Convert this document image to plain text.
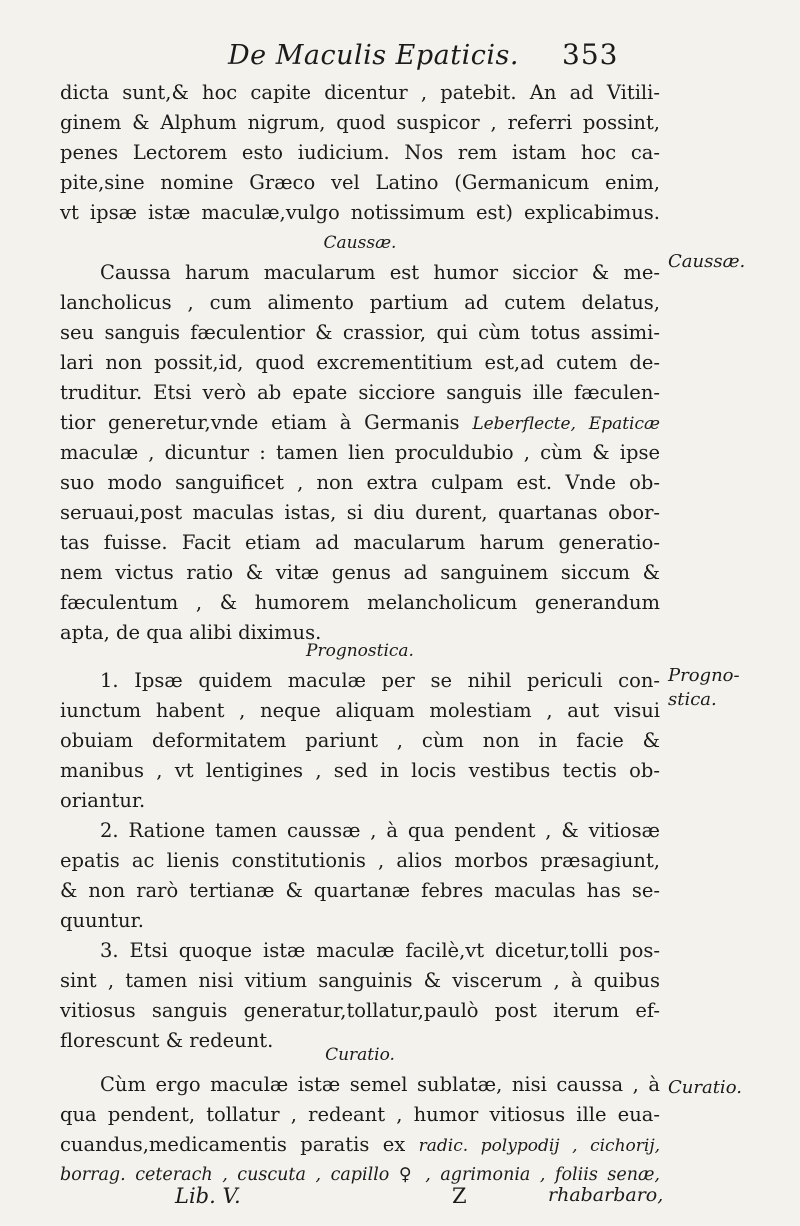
De Maculis Epaticis. 353
dicta sunt,& hoc capite dicentur , patebit. An ad Vitili-
ginem & Alphum nigrum, quod suspicor , referri possint,
penes Lectorem esto iudicium. Nos rem istam hoc ca-
pite,sine nomine Græco vel Latino (Germanicum enim,
vt ipsæ istæ maculæ,vulgo notissimum est) explicabimus.
Caussæ.
Caussa harum macularum est humor siccior & me-
lancholicus , cum alimento partium ad cutem delatus,
seu sanguis fæculentior & crassior, qui cùm totus assimi-
lari non possit,id, quod excrementitium est,ad cutem de-
truditur. Etsi verò ab epate sicciore sanguis ille fæculen-
tior generetur,vnde etiam à Germanis Leberflecte, Epaticæ
maculæ , dicuntur : tamen lien proculdubio , cùm & ipse
suo modo sanguificet , non extra culpam est. Vnde ob-
seruaui,post maculas istas, si diu durent, quartanas obor-
tas fuisse. Facit etiam ad macularum harum generatio-
nem victus ratio & vitæ genus ad sanguinem siccum &
fæculentum , & humorem melancholicum generandum
apta, de qua alibi diximus.
Caussæ.
Prognostica.
1. Ipsæ quidem maculæ per se nihil periculi con-
iunctum habent , neque aliquam molestiam , aut visui
obuiam deformitatem pariunt , cùm non in facie &
manibus , vt lentigines , sed in locis vestibus tectis ob-
oriantur.
2. Ratione tamen caussæ , à qua pendent , & vitiosæ
epatis ac lienis constitutionis , alios morbos præsagiunt,
& non rarò tertianæ & quartanæ febres maculas has se-
quuntur.
3. Etsi quoque istæ maculæ facilè,vt dicetur,tolli pos-
sint , tamen nisi vitium sanguinis & viscerum , à quibus
vitiosus sanguis generatur,tollatur,paulò post iterum ef-
florescunt & redeunt.
Progno-
stica.
Curatio.
Cùm ergo maculæ istæ semel sublatæ, nisi caussa , à
qua pendent, tollatur , redeant , humor vitiosus ille eua-
cuandus,medicamentis paratis ex radic. polypodij , cichorij,
borrag. ceterach , cuscuta , capillo ♀ , agrimonia , foliis senæ,
Curatio.
Lib. V.	Z	rhabarbaro,
